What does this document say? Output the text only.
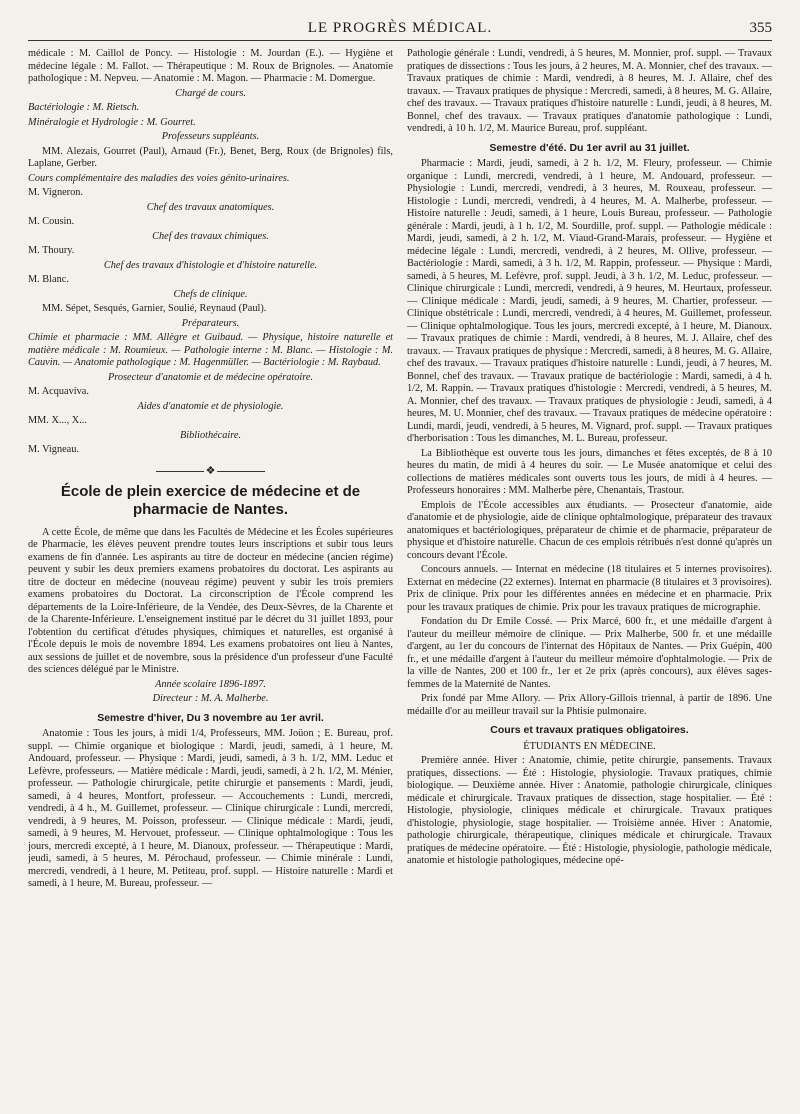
LE PROGRÈS MÉDICAL.	355

médicale : M. Caillol de Poncy. — Histologie : M. Jourdan (E.). — Hygiène et médecine légale : M. Fallot. — Thérapeutique : M. Roux de Brignoles. — Anatomie pathologique : M. Nepveu. — Anatomie : M. Magon. — Pharmacie : M. Domergue.

Chargé de cours.

Bactériologie : M. Rietsch.

Minéralogie et Hydrologie : M. Gourret.

Professeurs suppléants.

MM. Alezais, Gourret (Paul), Arnaud (Fr.), Benet, Berg, Roux (de Brignoles) fils, Laplane, Gerber.

Cours complémentaire des maladies des voies génito-urinaires.

M. Vigneron.

Chef des travaux anatomiques.

M. Cousin.

Chef des travaux chimiques.

M. Thoury.

Chef des travaux d'histologie et d'histoire naturelle.

M. Blanc.

Chefs de clinique.

MM. Sépet, Sesqués, Garnier, Soulié, Reynaud (Paul).

Préparateurs.

Chimie et pharmacie : MM. Allègre et Guibaud. — Physique, histoire naturelle et matière médicale : M. Roumieux. — Pathologie interne : M. Blanc. — Histologie : M. Cauvin. — Anatomie pathologique : M. Hagenmüller. — Bactériologie : M. Raybaud.

Prosecteur d'anatomie et de médecine opératoire.

M. Acquaviva.

Aides d'anatomie et de physiologie.

MM. X..., X...

Bibliothécaire.

M. Vigneau.

❖
École de plein exercice de médecine et de pharmacie de Nantes.

A cette École, de même que dans les Facultés de Médecine et les Écoles supérieures de Pharmacie, les élèves peuvent prendre toutes leurs inscriptions et subir tous leurs examens de fin d'année. Les aspirants au titre de docteur en médecine (ancien régime) peuvent y subir les deux premiers examens probatoires du doctorat. Les aspirants au titre de docteur en médecine (nouveau régime) peuvent y subir les trois premiers examens probatoires du Doctorat. La circonscription de l'École comprend les départements de la Loire-Inférieure, de la Vendée, des Deux-Sèvres, de la Charente et de la Charente-Inférieure. L'enseignement institué par le décret du 31 juillet 1893, pour l'obtention du certificat d'études physiques, chimiques et naturelles, est organisé à l'École depuis le mois de novembre 1894. Les examens probatoires ont lieu à Nantes, aux sessions de juillet et de novembre, sous la présidence d'un professeur d'une Faculté des sciences délégué par le Ministre.

Année scolaire 1896-1897.

Directeur : M. A. Malherbe.

Semestre d'hiver, Du 3 novembre au 1er avril.

Anatomie : Tous les jours, à midi 1/4, Professeurs, MM. Joüon ; E. Bureau, prof. suppl. — Chimie organique et biologique : Mardi, jeudi, samedi, à 1 heure, M. Andouard, professeur. — Physique : Mardi, jeudi, samedi, à 3 h. 1/2, MM. Leduc et Lefèvre, professeurs. — Matière médicale : Mardi, jeudi, samedi, à 2 h. 1/2, M. Ménier, professeur. — Pathologie chirurgicale, petite chirurgie et pansements : Mardi, jeudi, samedi, à 4 heures, Montfort, professeur. — Accouchements : Lundi, mercredi, vendredi, à 4 h., M. Guillemet, professeur. — Clinique chirurgicale : Lundi, mercredi, vendredi, à 9 heures, M. Poisson, professeur. — Clinique médicale : Mardi, jeudi, samedi, à 9 heures, M. Hervouet, professeur. — Clinique ophtalmologique : Tous les jours, mercredi excepté, à 1 heure, M. Dianoux, professeur. — Thérapeutique : Mardi, jeudi, samedi, à 5 heures, M. Pérochaud, professeur. — Chimie minérale : Lundi, mercredi, vendredi, à 1 heure, M. Petiteau, prof. suppl. — Histoire naturelle : Mardi et samedi, à 1 heure, M. Bureau, professeur. —

Pathologie générale : Lundi, vendredi, à 5 heures, M. Monnier, prof. suppl. — Travaux pratiques de dissections : Tous les jours, à 2 heures, M. A. Monnier, chef des travaux. — Travaux pratiques de chimie : Mardi, vendredi, à 8 heures, M. J. Allaire, chef des travaux. — Travaux pratiques de physique : Mercredi, samedi, à 8 heures, M. G. Allaire, chef des travaux. — Travaux pratiques d'histoire naturelle : Lundi, jeudi, à 8 heures, M. Bonnel, chef des travaux. — Travaux pratiques d'anatomie pathologique : Lundi, vendredi, à 10 h. 1/2, M. Maurice Bureau, prof. suppléant.

Semestre d'été. Du 1er avril au 31 juillet.

Pharmacie : Mardi, jeudi, samedi, à 2 h. 1/2, M. Fleury, professeur. — Chimie organique : Lundi, mercredi, vendredi, à 1 heure, M. Andouard, professeur. — Physiologie : Lundi, mercredi, vendredi, à 3 heures, M. Rouxeau, professeur. — Histologie : Lundi, mercredi, vendredi, à 4 heures, M. A. Malherbe, professeur. — Histoire naturelle : Jeudi, samedi, à 1 heure, Louis Bureau, professeur. — Pathologie générale : Mardi, jeudi, à 1 h. 1/2, M. Sourdille, prof. suppl. — Pathologie médicale : Mardi, jeudi, samedi, à 2 h. 1/2, M. Viaud-Grand-Marais, professeur. — Hygiène et médecine légale : Lundi, mercredi, vendredi, à 2 heures, M. Ollive, professeur. — Bactériologie : Mardi, samedi, à 3 h. 1/2, M. Rappin, professeur. — Physique : Mardi, samedi, à 5 heures, M. Lefèvre, prof. suppl. Jeudi, à 3 h. 1/2, M. Leduc, professeur. — Clinique chirurgicale : Lundi, mercredi, vendredi, à 9 heures, M. Heurtaux, professeur. — Clinique médicale : Mardi, jeudi, samedi, à 9 heures, M. Chartier, professeur. — Clinique obstétricale : Lundi, mercredi, vendredi, à 4 heures, M. Guillemet, professeur. — Clinique ophtalmologique. Tous les jours, mercredi excepté, à 1 heure, M. Dianoux. — Travaux pratiques de chimie : Mardi, vendredi, à 8 heures, M. J. Allaire, chef des travaux. — Travaux pratiques de physique : Mercredi, samedi, à 8 heures, M. G. Allaire, chef des travaux. — Travaux pratiques d'histoire naturelle : Lundi, jeudi, à 7 heures, M. Bonnel, chef des travaux. — Travaux pratique de bactériologie : Mardi, samedi, à 4 h. 1/2, M. Rappin. — Travaux pratiques d'histologie : Mercredi, vendredi, à 5 heures, M. A. Monnier, chef des travaux. — Travaux pratiques de physiologie : Jeudi, samedi, à 4 heures, M. U. Monnier, chef des travaux. — Travaux pratiques de médecine opératoire : Lundi, mardi, jeudi, vendredi, à 5 heures, M. Vignard, prof. suppl. — Travaux pratiques d'herborisation : Tous les dimanches, M. L. Bureau, professeur.

La Bibliothèque est ouverte tous les jours, dimanches et fêtes exceptés, de 8 à 10 heures du matin, de midi à 4 heures du soir. — Le Musée anatomique et celui des collections de matières médicales sont ouverts tous les jours, de midi à 4 heures. — Professeurs honoraires : MM. Malherbe père, Chenantais, Trastour.

Emplois de l'École accessibles aux étudiants. — Prosecteur d'anatomie, aide d'anatomie et de physiologie, aide de clinique ophtalmologique, préparateur des travaux anatomiques et bactériologiques, préparateur de chimie et de pharmacie, préparateur de physique et d'histoire naturelle. Chacun de ces emplois rétribués n'est donné qu'après un concours devant l'École.

Concours annuels. — Internat en médecine (18 titulaires et 5 internes provisoires). Externat en médecine (22 externes). Internat en pharmacie (8 titulaires et 3 provisoires). Prix de clinique. Prix pour les différentes années en médecine et en pharmacie. Prix pour les travaux pratiques de chimie. Prix pour les travaux pratiques de micrographie.

Fondation du Dr Emile Cossé. — Prix Marcé, 600 fr., et une médaille d'argent à l'auteur du meilleur mémoire de clinique. — Prix Malherbe, 500 fr. et une médaille d'argent, au 1er du concours de l'internat des Hôpitaux de Nantes. — Prix Guépin, 400 fr., et une médaille d'argent à l'auteur du meilleur mémoire d'ophtalmologie. — Prix de la ville de Nantes, 200 et 100 fr., 1er et 2e prix (après concours), aux élèves sages-femmes de la Maternité de Nantes.

Prix fondé par Mme Allory. — Prix Allory-Gillois triennal, à partir de 1896. Une médaille d'or au meilleur travail sur la Phtisie pulmonaire.

Cours et travaux pratiques obligatoires.

ÉTUDIANTS EN MÉDECINE.

Première année. Hiver : Anatomie, chimie, petite chirurgie, pansements. Travaux pratiques, dissections. — Été : Histologie, physiologie. Travaux pratiques, chimie biologique. — Deuxième année. Hiver : Anatomie, pathologie chirurgicale, cliniques médicale et chirurgicale. Travaux pratiques de dissection, stage hospitalier. — Été : Histologie, physiologie, cliniques médicale et chirurgicale. Travaux pratiques d'histologie, physiologie, stage hospitalier. — Troisième année. Hiver : Anatomie, pathologie chirurgicale, thérapeutique, cliniques médicale et chirurgicale. Travaux pratiques de médecine opératoire. — Été : Histologie, physiologie, pathologie médicale, anatomie et histologie pathologiques, médecine opé-
